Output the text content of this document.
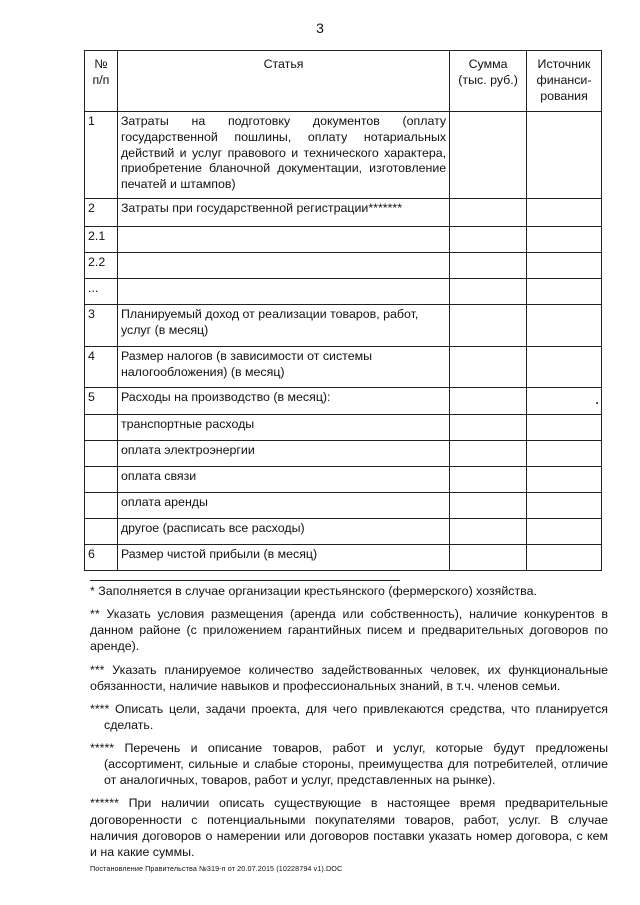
3
№ п/п	Статья	Сумма (тыс. руб.)	Источник финанси-рования
1	Затраты на подготовку документов (оплату государственной пошлины, оплату нотариальных действий и услуг правового и технического характера, приобретение бланочной документации, изготовление печатей и штампов)		
2	Затраты при государственной регистрации*******		
2.1			
2.2			
...			
3	Планируемый доход от реализации товаров, работ, услуг (в месяц)		
4	Размер налогов (в зависимости от системы налогообложения) (в месяц)		
5	Расходы на производство (в месяц):		
	транспортные расходы		
	оплата электроэнергии		
	оплата связи		
	оплата аренды		
	другое (расписать все расходы)		
6	Размер чистой прибыли (в месяц)		

* Заполняется в случае организации крестьянского (фермерского) хозяйства.

** Указать условия размещения (аренда или собственность), наличие конкурентов в данном районе (с приложением гарантийных писем и предварительных договоров по аренде).

*** Указать планируемое количество задействованных человек, их функциональные обязанности, наличие навыков и профессиональных знаний, в т.ч. членов семьи.

**** Описать цели, задачи проекта, для чего привлекаются средства, что планируется сделать.

***** Перечень и описание товаров, работ и услуг, которые будут предложены (ассортимент, сильные и слабые стороны, преимущества для потребителей, отличие от аналогичных, товаров, работ и услуг, представленных на рынке).

****** При наличии описать существующие в настоящее время предварительные договоренности с потенциальными покупателями товаров, работ, услуг. В случае наличия договоров о намерении или договоров поставки указать номер договора, с кем и на какие суммы.

Постановление Правительства №319-п от 20.07.2015 (10228794 v1).DOC
